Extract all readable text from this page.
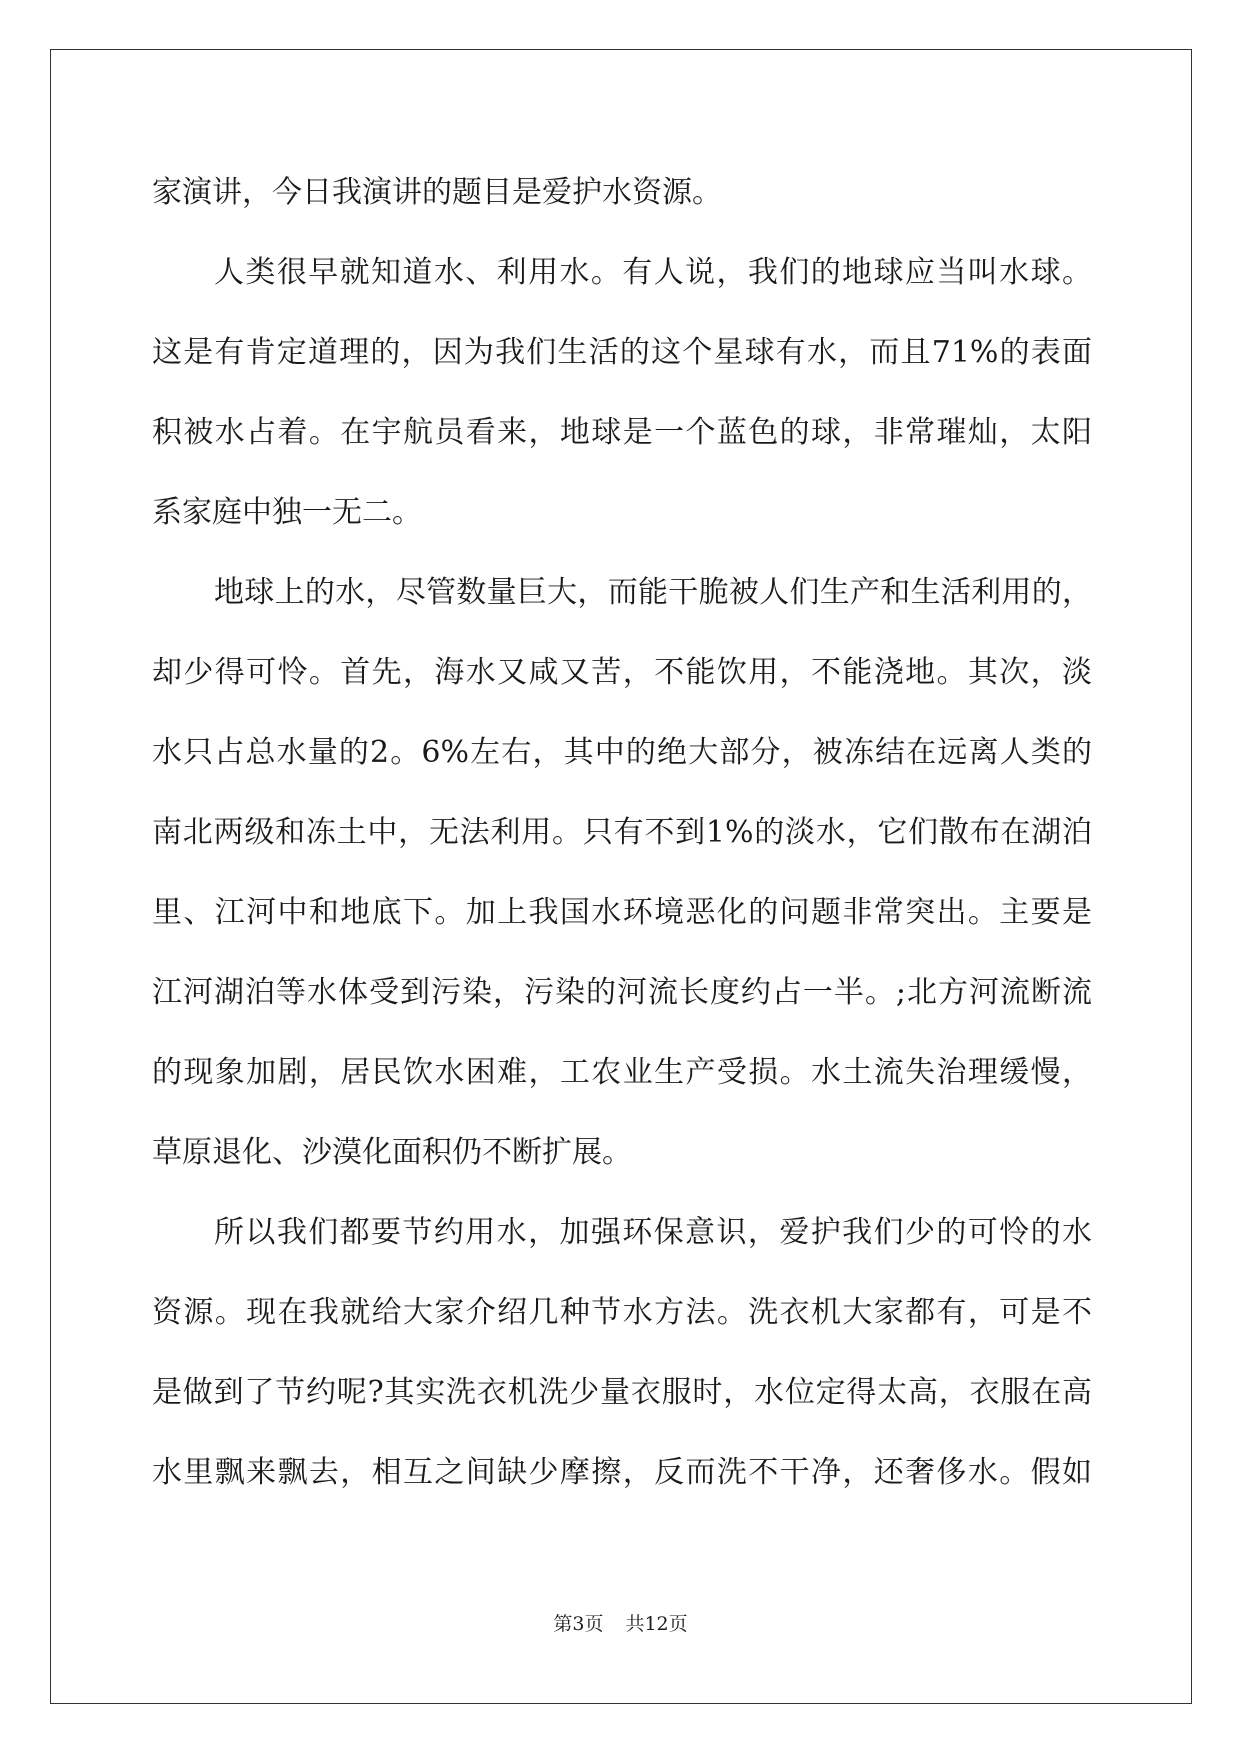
家演讲，今日我演讲的题目是爱护水资源。
人类很早就知道水、利用水。有人说，我们的地球应当叫水球。
这是有肯定道理的，因为我们生活的这个星球有水，而且71%的表面
积被水占着。在宇航员看来，地球是一个蓝色的球，非常璀灿，太阳
系家庭中独一无二。
地球上的水，尽管数量巨大，而能干脆被人们生产和生活利用的，
却少得可怜。首先，海水又咸又苦，不能饮用，不能浇地。其次，淡
水只占总水量的2。6%左右，其中的绝大部分，被冻结在远离人类的
南北两级和冻土中，无法利用。只有不到1%的淡水，它们散布在湖泊
里、江河中和地底下。加上我国水环境恶化的问题非常突出。主要是
江河湖泊等水体受到污染，污染的河流长度约占一半。;北方河流断流
的现象加剧，居民饮水困难，工农业生产受损。水土流失治理缓慢，
草原退化、沙漠化面积仍不断扩展。
所以我们都要节约用水，加强环保意识，爱护我们少的可怜的水
资源。现在我就给大家介绍几种节水方法。洗衣机大家都有，可是不
是做到了节约呢?其实洗衣机洗少量衣服时，水位定得太高，衣服在高
水里飘来飘去，相互之间缺少摩擦，反而洗不干净，还奢侈水。假如
第3页 共12页
